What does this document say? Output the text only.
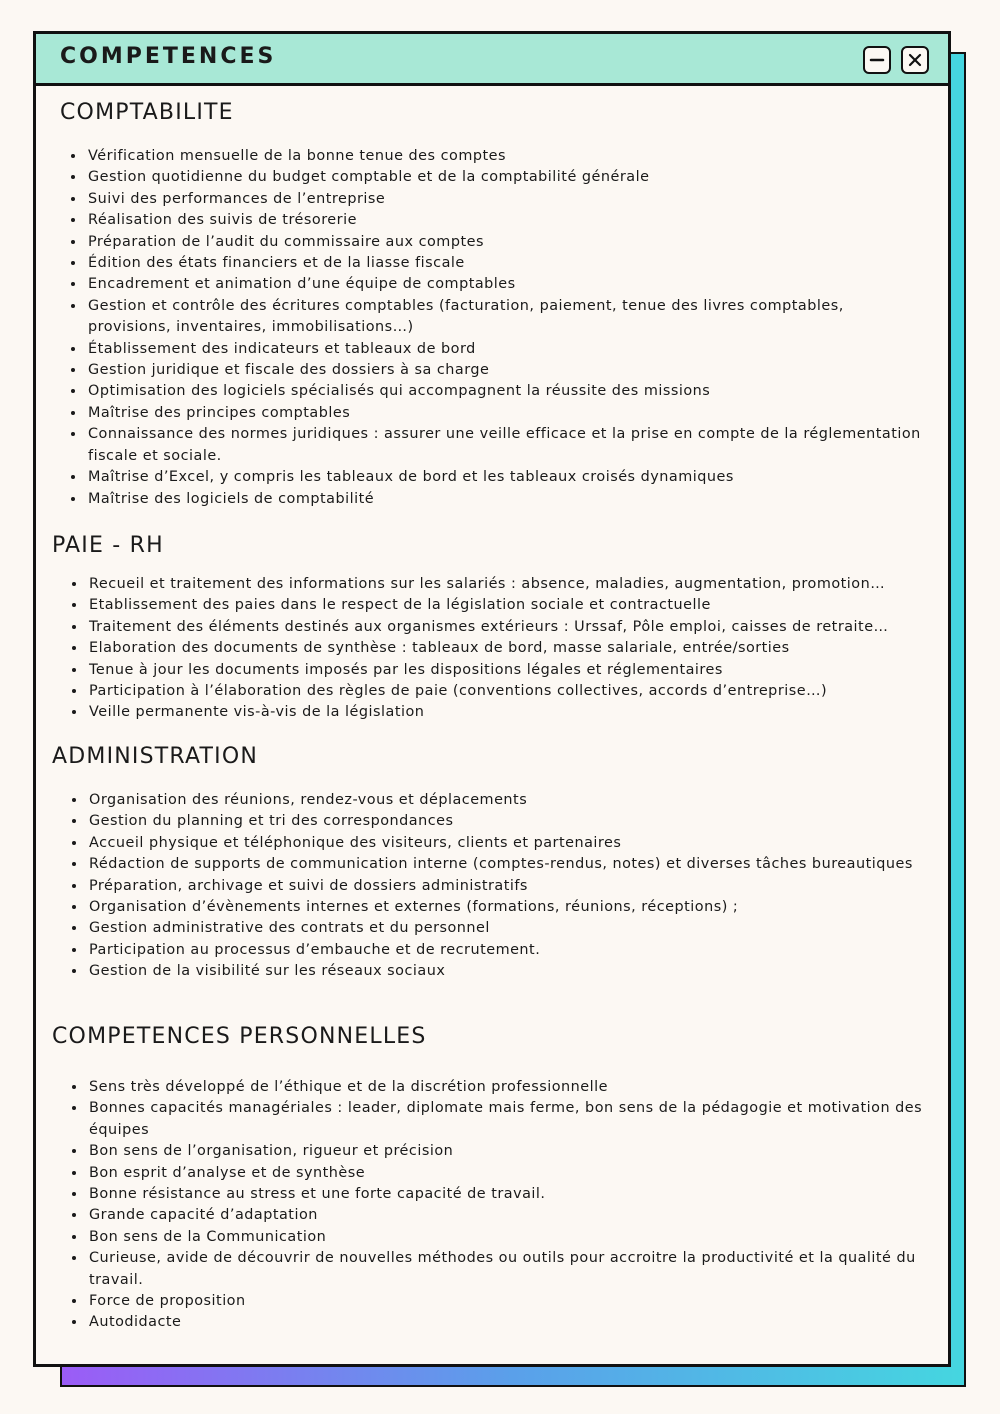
COMPETENCES
COMPTABILITE
• Vérification mensuelle de la bonne tenue des comptes
• Gestion quotidienne du budget comptable et de la comptabilité générale
• Suivi des performances de l’entreprise
• Réalisation des suivis de trésorerie
• Préparation de l’audit du commissaire aux comptes
• Édition des états financiers et de la liasse fiscale
• Encadrement et animation d’une équipe de comptables
• Gestion et contrôle des écritures comptables (facturation, paiement, tenue des livres comptables, provisions, inventaires, immobilisations…)
• Établissement des indicateurs et tableaux de bord
• Gestion juridique et fiscale des dossiers à sa charge
• Optimisation des logiciels spécialisés qui accompagnent la réussite des missions
• Maîtrise des principes comptables
• Connaissance des normes juridiques : assurer une veille efficace et la prise en compte de la réglementation fiscale et sociale.
• Maîtrise d’Excel, y compris les tableaux de bord et les tableaux croisés dynamiques
• Maîtrise des logiciels de comptabilité
PAIE - RH
• Recueil et traitement des informations sur les salariés : absence, maladies, augmentation, promotion…
• Etablissement des paies dans le respect de la législation sociale et contractuelle
• Traitement des éléments destinés aux organismes extérieurs : Urssaf, Pôle emploi, caisses de retraite…
• Elaboration des documents de synthèse : tableaux de bord, masse salariale, entrée/sorties
• Tenue à jour les documents imposés par les dispositions légales et réglementaires
• Participation à l’élaboration des règles de paie (conventions collectives, accords d’entreprise…)
• Veille permanente vis-à-vis de la législation
ADMINISTRATION
• Organisation des réunions, rendez-vous et déplacements
• Gestion du planning et tri des correspondances
• Accueil physique et téléphonique des visiteurs, clients et partenaires
• Rédaction de supports de communication interne (comptes-rendus, notes) et diverses tâches bureautiques
• Préparation, archivage et suivi de dossiers administratifs
• Organisation d’évènements internes et externes (formations, réunions, réceptions) ;
• Gestion administrative des contrats et du personnel
• Participation au processus d’embauche et de recrutement.
• Gestion de la visibilité sur les réseaux sociaux
COMPETENCES PERSONNELLES
• Sens très développé de l’éthique et de la discrétion professionnelle
• Bonnes capacités managériales : leader, diplomate mais ferme, bon sens de la pédagogie et motivation des équipes
• Bon sens de l’organisation, rigueur et précision
• Bon esprit d’analyse et de synthèse
• Bonne résistance au stress et une forte capacité de travail.
• Grande capacité d’adaptation
• Bon sens de la Communication
• Curieuse, avide de découvrir de nouvelles méthodes ou outils pour accroitre la productivité et la qualité du travail.
• Force de proposition
• Autodidacte
